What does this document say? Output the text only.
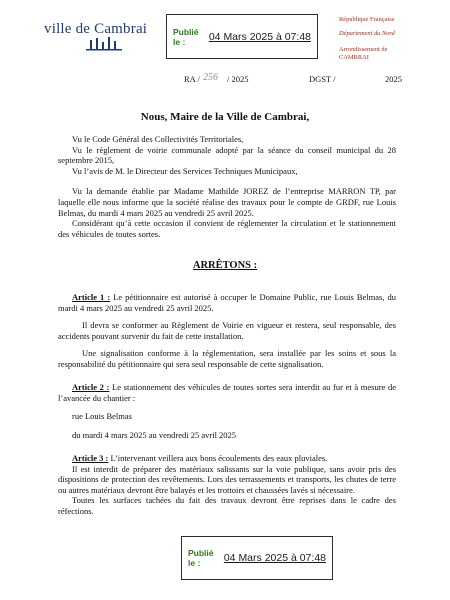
ville de Cambrai	Publié le :	04 Mars 2025 à 07:48
République Française
Département du Nord
Arrondissement de
CAMBRAI
RA / 256 / 2025	DGST /	2025
Nous, Maire de la Ville de Cambrai,

Vu le Code Général des Collectivités Territoriales,

Vu le règlement de voirie communale adopté par la séance du conseil municipal du 28 septembre 2015,

Vu l’avis de M. le Directeur des Services Techniques Municipaux,

Vu la demande établie par Madame Mathilde JOREZ de l’entreprise MARRON TP, par laquelle elle nous informe que la société réalise des travaux pour le compte de GRDF, rue Louis Belmas, du mardi 4 mars 2025 au vendredi 25 avril 2025.

Considérant qu’à cette occasion il convient de réglementer la circulation et le stationnement des véhicules de toutes sortes.

ARRÊTONS :

Article 1 : Le pétitionnaire est autorisé à occuper le Domaine Public, rue Louis Belmas, du mardi 4 mars 2025 au vendredi 25 avril 2025.

Il devra se conformer au Règlement de Voirie en vigueur et restera, seul responsable, des accidents pouvant survenir du fait de cette installation.

Une signalisation conforme à la réglementation, sera installée par les soins et sous la responsabilité du pétitionnaire qui sera seul responsable de cette signalisation.

Article 2 : Le stationnement des véhicules de toutes sortes sera interdit au fur et à mesure de l’avancée du chantier :

rue Louis Belmas

du mardi 4 mars 2025 au vendredi 25 avril 2025

Article 3 : L’intervenant veillera aux bons écoulements des eaux pluviales.

Il est interdit de préparer des matériaux salissants sur la voie publique, sans avoir pris des dispositions de protection des revêtements. Lors des terrassements et transports, les chutes de terre ou autres matériaux devront être balayés et les trottoirs et chaussées lavés si nécessaire.

Toutes les surfaces tachées du fait des travaux devront être reprises dans le cadre des réfections.

Publié le :	04 Mars 2025 à 07:48
